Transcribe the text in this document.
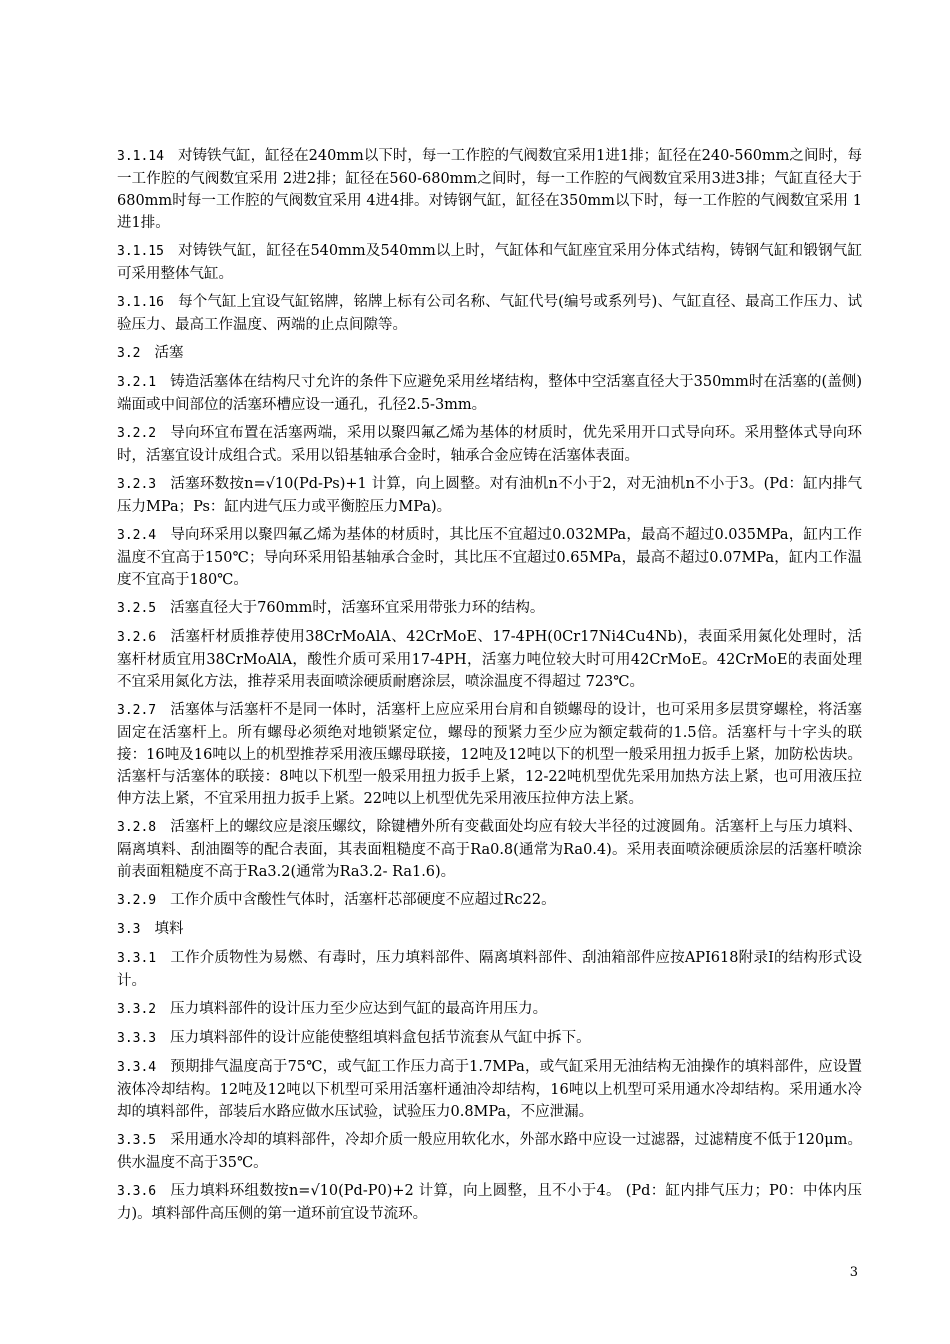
3.1.14 对铸铁气缸，缸径在240mm以下时，每一工作腔的气阀数宜采用1进1排；缸径在240-560mm之间时，每一工作腔的气阀数宜采用 2进2排；缸径在560-680mm之间时，每一工作腔的气阀数宜采用3进3排；气缸直径大于680mm时每一工作腔的气阀数宜采用 4进4排。对铸钢气缸，缸径在350mm以下时，每一工作腔的气阀数宜采用 1进1排。

3.1.15 对铸铁气缸，缸径在540mm及540mm以上时，气缸体和气缸座宜采用分体式结构，铸钢气缸和锻钢气缸可采用整体气缸。

3.1.16 每个气缸上宜设气缸铭牌，铭牌上标有公司名称、气缸代号(编号或系列号)、气缸直径、最高工作压力、试验压力、最高工作温度、两端的止点间隙等。

3.2 活塞

3.2.1 铸造活塞体在结构尺寸允许的条件下应避免采用丝堵结构，整体中空活塞直径大于350mm时在活塞的(盖侧)端面或中间部位的活塞环槽应设一通孔，孔径2.5-3mm。

3.2.2 导向环宜布置在活塞两端，采用以聚四氟乙烯为基体的材质时，优先采用开口式导向环。采用整体式导向环时，活塞宜设计成组合式。采用以铅基轴承合金时，轴承合金应铸在活塞体表面。

3.2.3 活塞环数按n=√10(Pd-Ps)+1 计算，向上圆整。对有油机n不小于2，对无油机n不小于3。(Pd：缸内排气压力MPa；Ps：缸内进气压力或平衡腔压力MPa)。

3.2.4 导向环采用以聚四氟乙烯为基体的材质时，其比压不宜超过0.032MPa，最高不超过0.035MPa，缸内工作温度不宜高于150℃；导向环采用铅基轴承合金时，其比压不宜超过0.65MPa，最高不超过0.07MPa，缸内工作温度不宜高于180℃。

3.2.5 活塞直径大于760mm时，活塞环宜采用带张力环的结构。

3.2.6 活塞杆材质推荐使用38CrMoAlA、42CrMoE、17-4PH(0Cr17Ni4Cu4Nb)，表面采用氮化处理时，活塞杆材质宜用38CrMoAlA，酸性介质可采用17-4PH，活塞力吨位较大时可用42CrMoE。42CrMoE的表面处理不宜采用氮化方法，推荐采用表面喷涂硬质耐磨涂层，喷涂温度不得超过 723℃。

3.2.7 活塞体与活塞杆不是同一体时，活塞杆上应应采用台肩和自锁螺母的设计，也可采用多层贯穿螺栓，将活塞固定在活塞杆上。所有螺母必须绝对地锁紧定位，螺母的预紧力至少应为额定载荷的1.5倍。活塞杆与十字头的联接：16吨及16吨以上的机型推荐采用液压螺母联接，12吨及12吨以下的机型一般采用扭力扳手上紧，加防松齿块。活塞杆与活塞体的联接：8吨以下机型一般采用扭力扳手上紧，12-22吨机型优先采用加热方法上紧，也可用液压拉伸方法上紧，不宜采用扭力扳手上紧。22吨以上机型优先采用液压拉伸方法上紧。

3.2.8 活塞杆上的螺纹应是滚压螺纹，除键槽外所有变截面处均应有较大半径的过渡圆角。活塞杆上与压力填料、隔离填料、刮油圈等的配合表面，其表面粗糙度不高于Ra0.8(通常为Ra0.4)。采用表面喷涂硬质涂层的活塞杆喷涂前表面粗糙度不高于Ra3.2(通常为Ra3.2- Ra1.6)。

3.2.9 工作介质中含酸性气体时，活塞杆芯部硬度不应超过Rc22。

3.3 填料

3.3.1 工作介质物性为易燃、有毒时，压力填料部件、隔离填料部件、刮油箱部件应按API618附录I的结构形式设计。

3.3.2 压力填料部件的设计压力至少应达到气缸的最高许用压力。

3.3.3 压力填料部件的设计应能使整组填料盒包括节流套从气缸中拆下。

3.3.4 预期排气温度高于75℃，或气缸工作压力高于1.7MPa，或气缸采用无油结构无油操作的填料部件，应设置液体冷却结构。12吨及12吨以下机型可采用活塞杆通油冷却结构，16吨以上机型可采用通水冷却结构。采用通水冷却的填料部件，部装后水路应做水压试验，试验压力0.8MPa，不应泄漏。

3.3.5 采用通水冷却的填料部件，冷却介质一般应用软化水，外部水路中应设一过滤器，过滤精度不低于120μm。供水温度不高于35℃。

3.3.6 压力填料环组数按n=√10(Pd-P0)+2 计算，向上圆整，且不小于4。 (Pd：缸内排气压力；P0：中体内压力)。填料部件高压侧的第一道环前宜设节流环。

3
